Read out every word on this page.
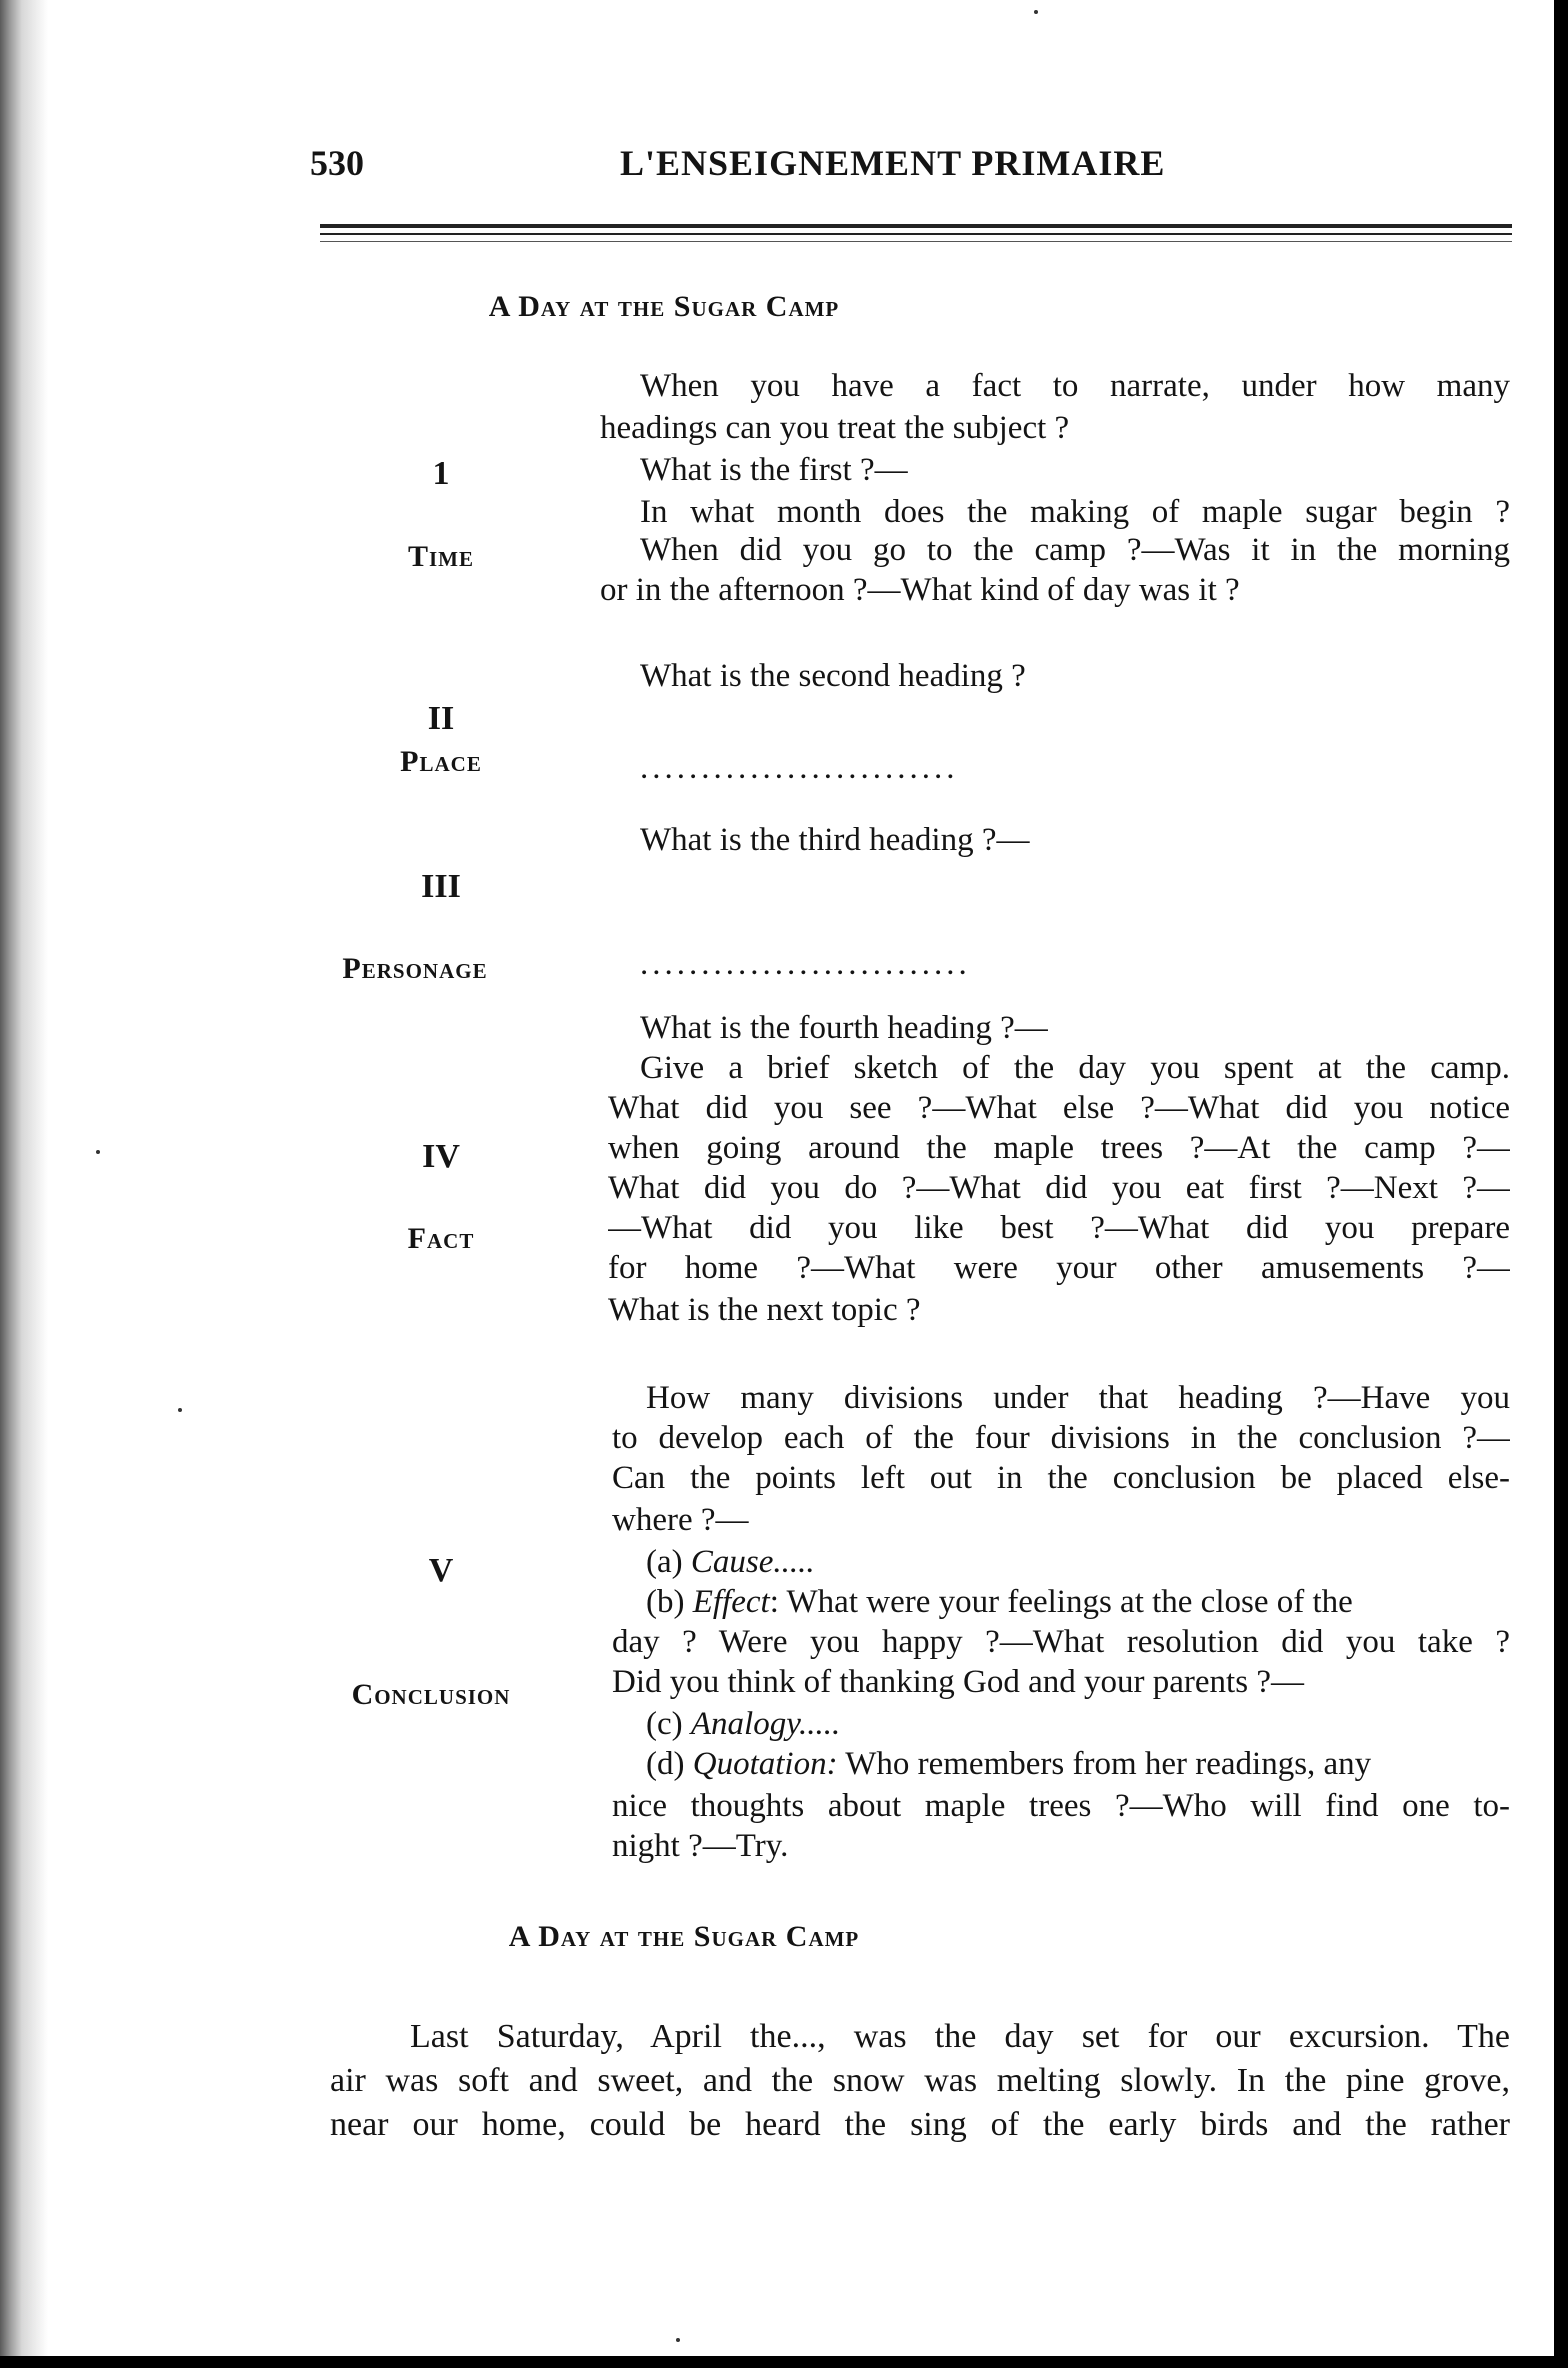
530	L'ENSEIGNEMENT PRIMAIRE
A Day at the Sugar Camp
1
Time
II
Place
III
Personage
IV
Fact
V
Conclusion
When you have a fact to narrate, under how many
headings can you treat the subject ?
What is the first ?—
In what month does the making of maple sugar begin ?
When did you go to the camp ?—Was it in the morning
or in the afternoon ?—What kind of day was it ?
What is the second heading ?
..........................
What is the third heading ?—
...........................
What is the fourth heading ?—
Give a brief sketch of the day you spent at the camp.
What did you see ?—What else ?—What did you notice
when going around the maple trees ?—At the camp ?—
What did you do ?—What did you eat first ?—Next ?—
—What did you like best ?—What did you prepare
for home ?—What were your other amusements ?—
What is the next topic ?
How many divisions under that heading ?—Have you
to develop each of the four divisions in the conclusion ?—
Can the points left out in the conclusion be placed else-
where ?—
(a) Cause.....
(b) Effect: What were your feelings at the close of the
day ? Were you happy ?—What resolution did you take ?
Did you think of thanking God and your parents ?—
(c) Analogy.....
(d) Quotation: Who remembers from her readings, any
nice thoughts about maple trees ?—Who will find one to-
night ?—Try.
A Day at the Sugar Camp
Last Saturday, April the..., was the day set for our excursion. The
air was soft and sweet, and the snow was melting slowly. In the pine grove,
near our home, could be heard the sing of the early birds and the rather
